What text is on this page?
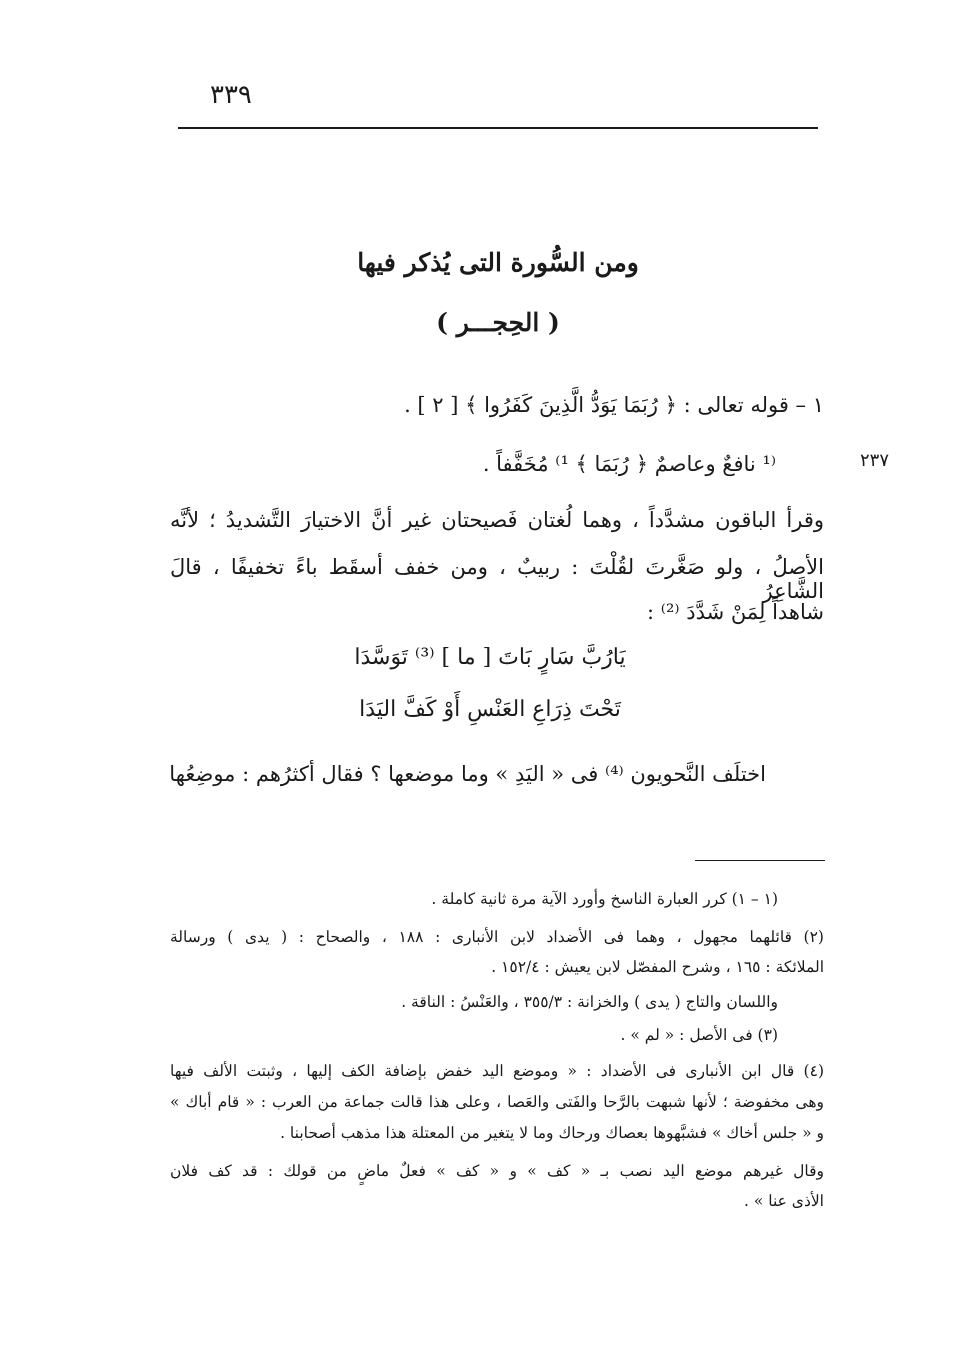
٣٣٩
ومن السُّورة التى يُذكر فيها
( الحِجـــر )
٢٣٧
١ – قوله تعالى : ﴿ رُبَمَا يَوَدُّ الَّذِينَ كَفَرُوا ﴾ [ ٢ ] .
⁽¹ نافعٌ وعاصمٌ ﴿ رُبَمَا ﴾ ¹⁾ مُخَفَّفاً .
وقرأ الباقون مشدَّداً ، وهما لُغتان فَصيحتان غير أنَّ الاختيارَ التَّشديدُ ؛ لأنَّه
الأصلُ ، ولو صَغَّرتَ لقُلْتَ : ربيبٌ ، ومن خفف أسقَط باءً تخفيفًا ، قالَ الشَّاعِرُ
شاهداً لِمَنْ شَدَّدَ ⁽²⁾ :
يَارُبَّ سَارٍ بَاتَ [ ما ] ⁽³⁾ تَوَسَّدَا
تَحْتَ ذِرَاعِ العَنْسِ أَوْ كَفَّ اليَدَا
اختلَف النَّحويون ⁽⁴⁾ فى « اليَدِ » وما موضعها ؟ فقال أكثرُهم : موضِعُها
(١ – ١) كرر العبارة الناسخ وأورد الآية مرة ثانية كاملة .
(٢) قائلهما مجهول ، وهما فى الأضداد لابن الأنبارى : ١٨٨ ، والصحاح : ( يدى ) ورسالة
الملائكة : ١٦٥ ، وشرح المفصّل لابن يعيش : ١٥٢/٤ .
واللسان والتاج ( يدى ) والخزانة : ٣٥٥/٣ ، والعَنْسُ : الناقة .
(٣) فى الأصل : « لم » .
(٤) قال ابن الأنبارى فى الأضداد : « وموضع اليد خفض بإضافة الكف إليها ، وثبتت الألف فيها
وهى مخفوضة ؛ لأنها شبهت بالرَّحا والفَتى والعَصا ، وعلى هذا قالت جماعة من العرب : « قام أباك »
و « جلس أخاك » فشبَّهوها بعصاك ورحاك وما لا يتغير من المعتلة هذا مذهب أصحابنا .
وقال غيرهم موضع اليد نصب بـ « كف » و « كف » فعلٌ ماضٍ من قولك : قد كف فلان
الأذى عنا » .
